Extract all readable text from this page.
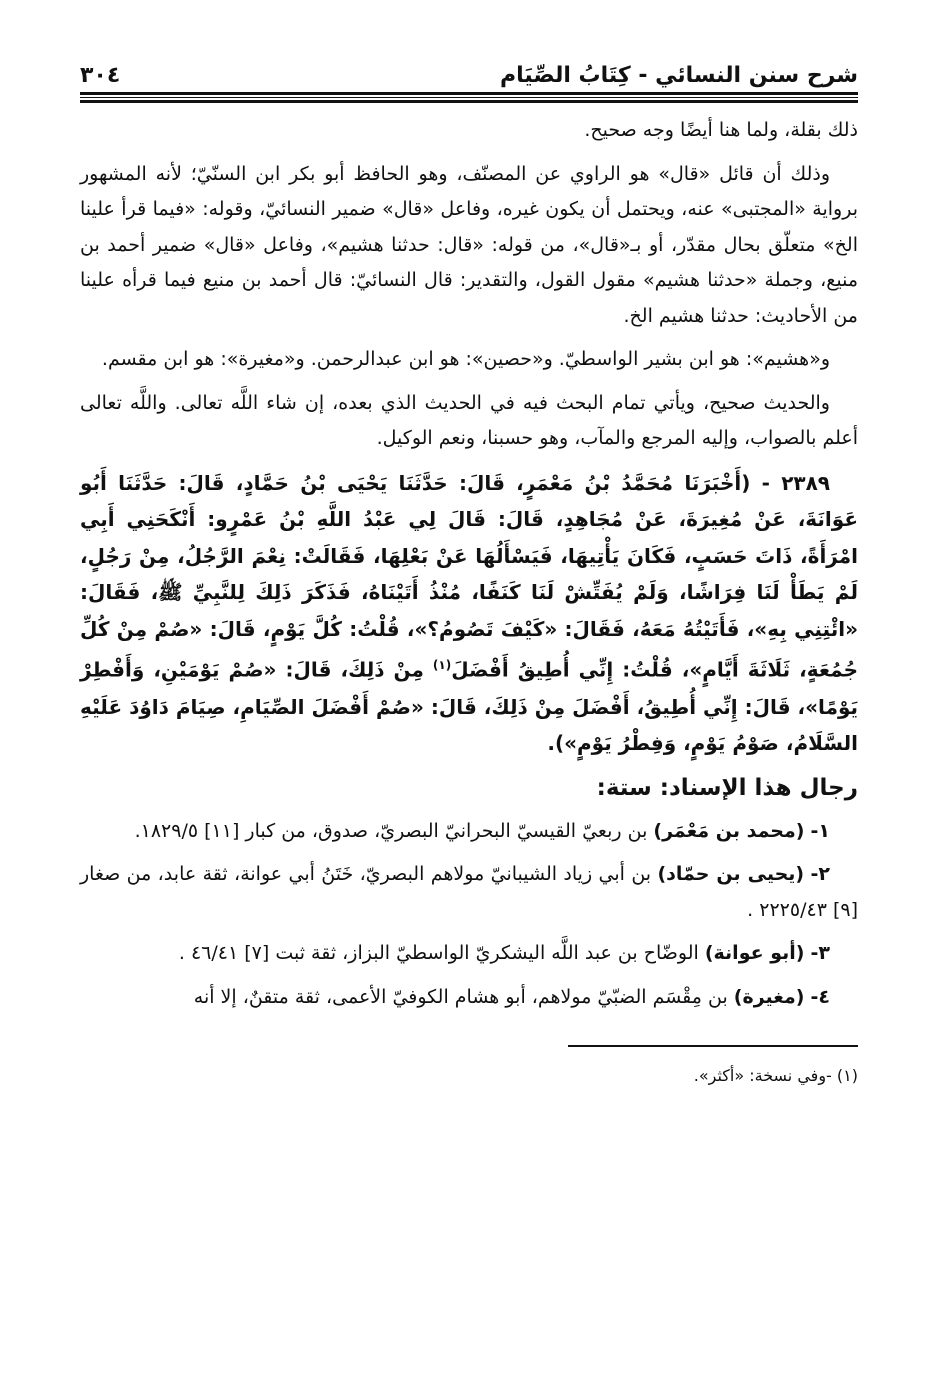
شرح سنن النسائي - كِتَابُ الصِّيَام
٣٠٤

ذلك بقلة، ولما هنا أيضًا وجه صحيح.

وذلك أن قائل «قال» هو الراوي عن المصنّف، وهو الحافظ أبو بكر ابن السنّيّ؛ لأنه المشهور برواية «المجتبى» عنه، ويحتمل أن يكون غيره، وفاعل «قال» ضمير النسائيّ، وقوله: «فيما قرأ علينا الخ» متعلّق بحال مقدّر، أو بـ«قال»، من قوله: «قال: حدثنا هشيم»، وفاعل «قال» ضمير أحمد بن منيع، وجملة «حدثنا هشيم» مقول القول، والتقدير: قال النسائيّ: قال أحمد بن منيع فيما قرأه علينا من الأحاديث: حدثنا هشيم الخ.

و«هشيم»: هو ابن بشير الواسطيّ. و«حصين»: هو ابن عبدالرحمن. و«مغيرة»: هو ابن مقسم.

والحديث صحيح، ويأتي تمام البحث فيه في الحديث الذي بعده، إن شاء اللَّه تعالى. واللَّه تعالى أعلم بالصواب، وإليه المرجع والمآب، وهو حسبنا، ونعم الوكيل.

٢٣٨٩ - (أَخْبَرَنَا مُحَمَّدُ بْنُ مَعْمَرٍ، قَالَ: حَدَّثَنَا يَحْيَى بْنُ حَمَّادٍ، قَالَ: حَدَّثَنَا أَبُو عَوَانَةَ، عَنْ مُغِيرَةَ، عَنْ مُجَاهِدٍ، قَالَ: قَالَ لِي عَبْدُ اللَّهِ بْنُ عَمْرٍو: أَنْكَحَنِي أَبِي امْرَأَةً، ذَاتَ حَسَبٍ، فَكَانَ يَأْتِيهَا، فَيَسْأَلُهَا عَنْ بَعْلِهَا، فَقَالَتْ: نِعْمَ الرَّجُلُ، مِنْ رَجُلٍ، لَمْ يَطَأْ لَنَا فِرَاشًا، وَلَمْ يُفَتِّشْ لَنَا كَنَفًا، مُنْذُ أَتَيْنَاهُ، فَذَكَرَ ذَلِكَ لِلنَّبِيِّ ﷺ، فَقَالَ: «ائْتِنِي بِهِ»، فَأَتَيْتُهُ مَعَهُ، فَقَالَ: «كَيْفَ تَصُومُ؟»، قُلْتُ: كُلَّ يَوْمٍ، قَالَ: «صُمْ مِنْ كُلِّ جُمُعَةٍ، ثَلَاثَةَ أَيَّامٍ»، قُلْتُ: إِنِّي أُطِيقُ أَفْضَلَ$^{(١)}$ مِنْ ذَلِكَ، قَالَ: «صُمْ يَوْمَيْنِ، وَأَفْطِرْ يَوْمًا»، قَالَ: إِنِّي أُطِيقُ، أَفْضَلَ مِنْ ذَلِكَ، قَالَ: «صُمْ أَفْضَلَ الصِّيَامِ، صِيَامَ دَاوُدَ عَلَيْهِ السَّلَامُ، صَوْمُ يَوْمٍ، وَفِطْرُ يَوْمٍ»).

رجال هذا الإسناد: ستة:

١- (محمد بن مَعْمَر) بن ربعيّ القيسيّ البحرانيّ البصريّ، صدوق، من كبار [١١] ١٨٢٩/٥.

٢- (يحيى بن حمّاد) بن أبي زياد الشيبانيّ مولاهم البصريّ، خَتَنُ أبي عوانة، ثقة عابد، من صغار [٩] ٢٢٢٥/٤٣ .

٣- (أبو عوانة) الوضّاح بن عبد اللَّه اليشكريّ الواسطيّ البزاز، ثقة ثبت [٧] ٤٦/٤١ .

٤- (مغيرة) بن مِقْسَم الضبّيّ مولاهم، أبو هشام الكوفيّ الأعمى، ثقة متقنٌ، إلا أنه

(١) -وفي نسخة: «أكثر».
